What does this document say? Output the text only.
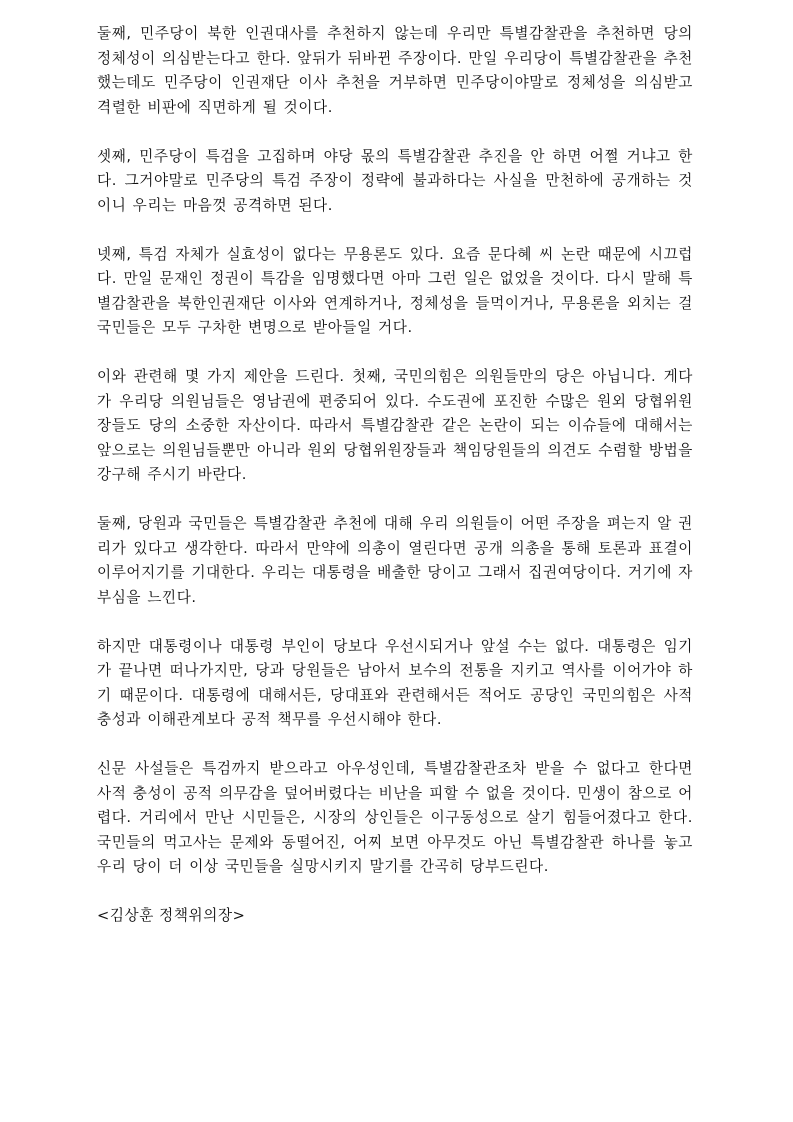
둘째, 민주당이 북한 인권대사를 추천하지 않는데 우리만 특별감찰관을 추천하면 당의 정체성이 의심받는다고 한다. 앞뒤가 뒤바뀐 주장이다. 만일 우리당이 특별감찰관을 추천했는데도 민주당이 인권재단 이사 추천을 거부하면 민주당이야말로 정체성을 의심받고 격렬한 비판에 직면하게 될 것이다.

셋째, 민주당이 특검을 고집하며 야당 몫의 특별감찰관 추진을 안 하면 어쩔 거냐고 한다. 그거야말로 민주당의 특검 주장이 정략에 불과하다는 사실을 만천하에 공개하는 것이니 우리는 마음껏 공격하면 된다.

넷째, 특검 자체가 실효성이 없다는 무용론도 있다. 요즘 문다혜 씨 논란 때문에 시끄럽다. 만일 문재인 정권이 특감을 임명했다면 아마 그런 일은 없었을 것이다. 다시 말해 특별감찰관을 북한인권재단 이사와 연계하거나, 정체성을 들먹이거나, 무용론을 외치는 걸 국민들은 모두 구차한 변명으로 받아들일 거다.

이와 관련해 몇 가지 제안을 드린다. 첫째, 국민의힘은 의원들만의 당은 아닙니다. 게다가 우리당 의원님들은 영남권에 편중되어 있다. 수도권에 포진한 수많은 원외 당협위원장들도 당의 소중한 자산이다. 따라서 특별감찰관 같은 논란이 되는 이슈들에 대해서는 앞으로는 의원님들뿐만 아니라 원외 당협위원장들과 책임당원들의 의견도 수렴할 방법을 강구해 주시기 바란다.

둘째, 당원과 국민들은 특별감찰관 추천에 대해 우리 의원들이 어떤 주장을 펴는지 알 권리가 있다고 생각한다. 따라서 만약에 의총이 열린다면 공개 의총을 통해 토론과 표결이 이루어지기를 기대한다. 우리는 대통령을 배출한 당이고 그래서 집권여당이다. 거기에 자부심을 느낀다.

하지만 대통령이나 대통령 부인이 당보다 우선시되거나 앞설 수는 없다. 대통령은 임기가 끝나면 떠나가지만, 당과 당원들은 남아서 보수의 전통을 지키고 역사를 이어가야 하기 때문이다. 대통령에 대해서든, 당대표와 관련해서든 적어도 공당인 국민의힘은 사적 충성과 이해관계보다 공적 책무를 우선시해야 한다.

신문 사설들은 특검까지 받으라고 아우성인데, 특별감찰관조차 받을 수 없다고 한다면 사적 충성이 공적 의무감을 덮어버렸다는 비난을 피할 수 없을 것이다. 민생이 참으로 어렵다. 거리에서 만난 시민들은, 시장의 상인들은 이구동성으로 살기 힘들어졌다고 한다. 국민들의 먹고사는 문제와 동떨어진, 어찌 보면 아무것도 아닌 특별감찰관 하나를 놓고 우리 당이 더 이상 국민들을 실망시키지 말기를 간곡히 당부드린다.

<김상훈 정책위의장>
